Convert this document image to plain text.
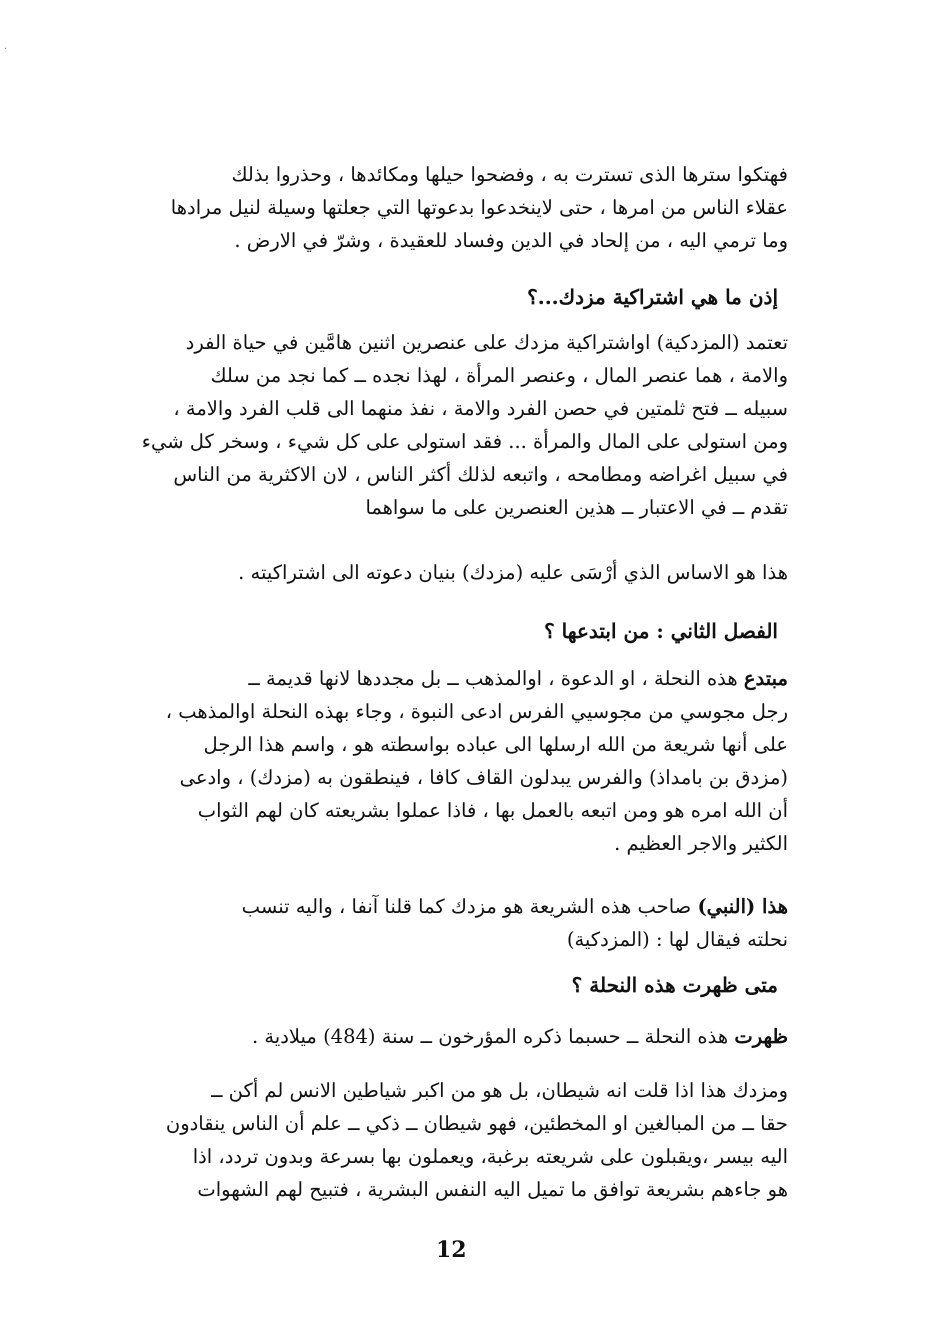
·
فهتكوا سترها الذى تسترت به ، وفضحوا حيلها ومكائدها ، وحذروا بذلك
عقلاء الناس من امرها ، حتى لاينخدعوا بدعوتها التي جعلتها وسيلة لنيل مرادها
وما ترمي اليه ، من إلحاد في الدين وفساد للعقيدة ، وشرّ في الارض .
إذن ما هي اشتراكية مزدك...؟
تعتمد (المزدكية) اواشتراكية مزدك على عنصرين اثنين هامَّين في حياة الفرد
والامة ، هما عنصر المال ، وعنصر المرأة ، لهذا نجده ــ كما نجد من سلك
سبيله ــ فتح ثلمتين في حصن الفرد والامة ، نفذ منهما الى قلب الفرد والامة ،
ومن استولى على المال والمرأة ... فقد استولى على كل شيء ، وسخر كل شيء
في سبيل اغراضه ومطامحه ، واتبعه لذلك أكثر الناس ، لان الاكثرية من الناس
تقدم ــ في الاعتبار ــ هذين العنصرين على ما سواهما
هذا هو الاساس الذي أرْسَى عليه (مزدك) بنيان دعوته الى اشتراكيته .
الفصل الثاني : من ابتدعها ؟
مبتدع هذه النحلة ، او الدعوة ، اوالمذهب ــ بل مجددها لانها قديمة ــ
رجل مجوسي من مجوسيي الفرس ادعى النبوة ، وجاء بهذه النحلة اوالمذهب ،
على أنها شريعة من الله ارسلها الى عباده بواسطته هو ، واسم هذا الرجل
(مزدق بن بامداذ) والفرس يبدلون القاف كافا ، فينطقون به (مزدك) ، وادعى
أن الله امره هو ومن اتبعه بالعمل بها ، فاذا عملوا بشريعته كان لهم الثواب
الكثير والاجر العظيم .
هذا (النبي) صاحب هذه الشريعة هو مزدك كما قلنا آنفا ، واليه تنسب
نحلته فيقال لها : (المزدكية)
متى ظهرت هذه النحلة ؟
ظهرت هذه النحلة ــ حسبما ذكره المؤرخون ــ سنة (484) ميلادية .
ومزدك هذا اذا قلت انه شيطان، بل هو من اكبر شياطين الانس لم أكن ــ
حقا ــ من المبالغين او المخطئين، فهو شيطان ــ ذكي ــ علم أن الناس ينقادون
اليه بيسر ،ويقبلون على شريعته برغبة، ويعملون بها بسرعة وبدون تردد، اذا
هو جاءهم بشريعة توافق ما تميل اليه النفس البشرية ، فتبيح لهم الشهوات
12
